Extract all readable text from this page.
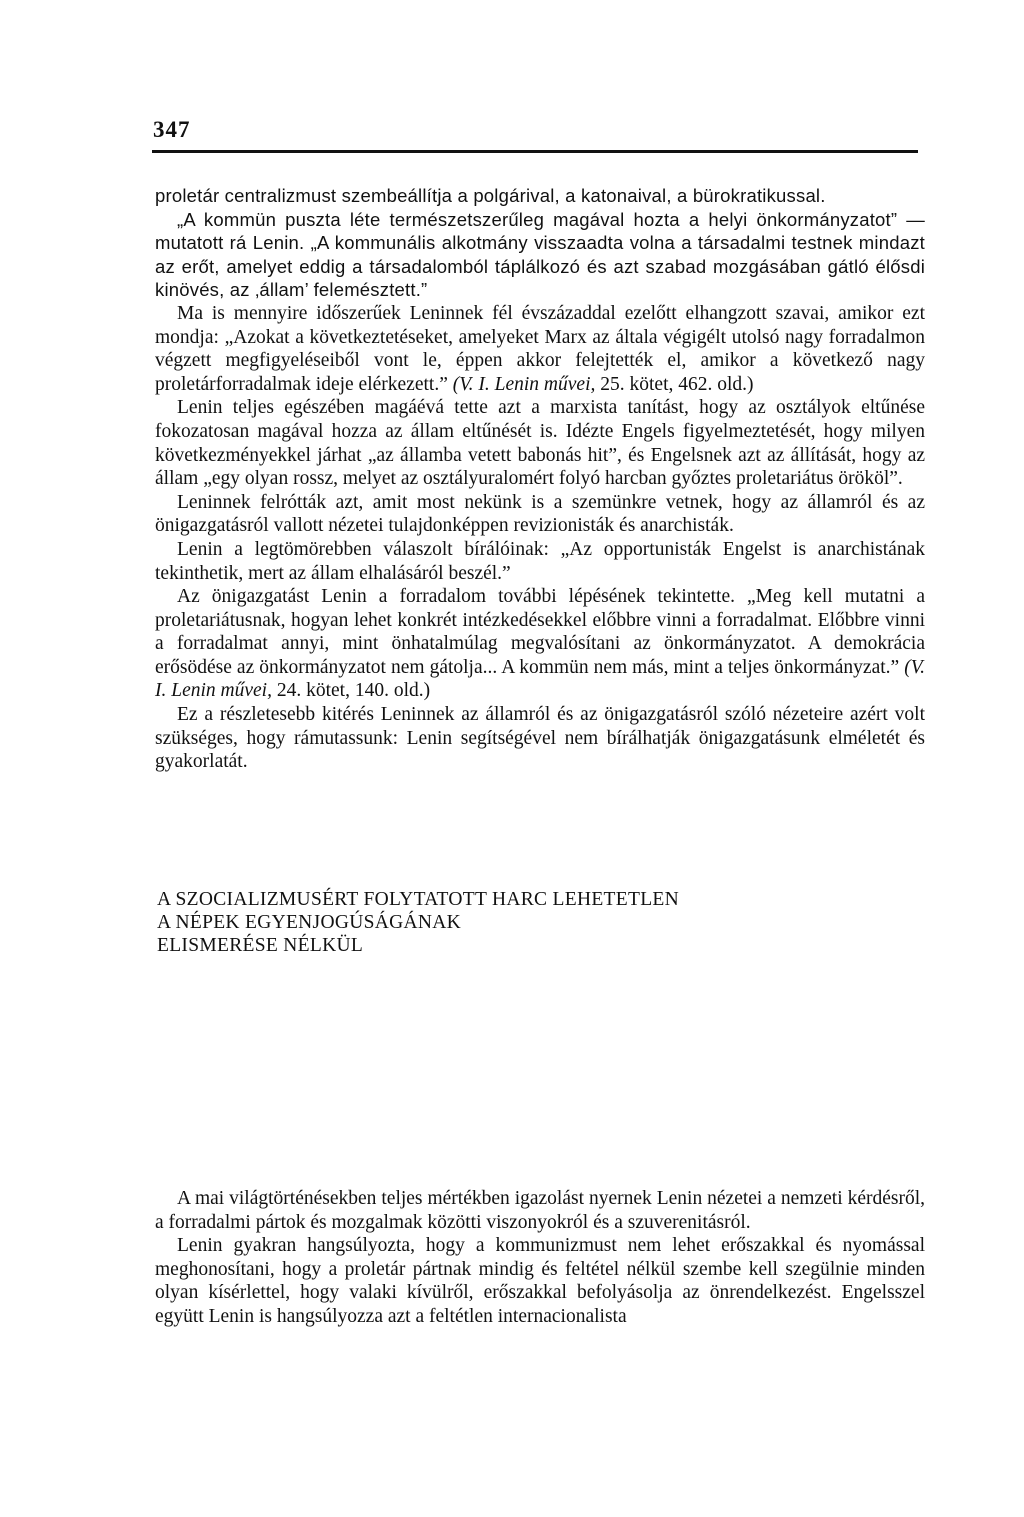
347

proletár centralizmust szembeállítja a polgárival, a katonaival, a bürokratikussal.

„A kommün puszta léte természetszerűleg magával hozta a helyi önkormányzatot” — mutatott rá Lenin. „A kommunális alkotmány visszaadta volna a társadalmi testnek mindazt az erőt, amelyet eddig a társadalomból táplálkozó és azt szabad mozgásában gátló élősdi kinövés, az ‚állam’ felemésztett.”

Ma is mennyire időszerűek Leninnek fél évszázaddal ezelőtt elhangzott szavai, amikor ezt mondja: „Azokat a következtetéseket, amelyeket Marx az általa végigélt utolsó nagy forradalmon végzett megfigyeléseiből vont le, éppen akkor felejtették el, amikor a következő nagy proletárforradalmak ideje elérkezett.” (V. I. Lenin művei, 25. kötet, 462. old.)

Lenin teljes egészében magáévá tette azt a marxista tanítást, hogy az osztályok eltűnése fokozatosan magával hozza az állam eltűnését is. Idézte Engels figyelmeztetését, hogy milyen következményekkel járhat „az államba vetett babonás hit”, és Engelsnek azt az állítását, hogy az állam „egy olyan rossz, melyet az osztályuralomért folyó harcban győztes proletariátus örököl”.

Leninnek felrótták azt, amit most nekünk is a szemünkre vetnek, hogy az államról és az önigazgatásról vallott nézetei tulajdonképpen revizionisták és anarchisták.

Lenin a legtömörebben válaszolt bírálóinak: „Az opportunisták Engelst is anarchistának tekinthetik, mert az állam elhalásáról beszél.”

Az önigazgatást Lenin a forradalom további lépésének tekintette. „Meg kell mutatni a proletariátusnak, hogyan lehet konkrét intézkedésekkel előbbre vinni a forradalmat. Előbbre vinni a forradalmat annyi, mint önhatalmúlag megvalósítani az önkormányzatot. A demokrácia erősödése az önkormányzatot nem gátolja... A kommün nem más, mint a teljes önkormányzat.” (V. I. Lenin művei, 24. kötet, 140. old.)

Ez a részletesebb kitérés Leninnek az államról és az önigazgatásról szóló nézeteire azért volt szükséges, hogy rámutassunk: Lenin segítségével nem bírálhatják önigazgatásunk elméletét és gyakorlatát.

A SZOCIALIZMUSÉRT FOLYTATOTT HARC LEHETETLEN
A NÉPEK EGYENJOGÚSÁGÁNAK
ELISMERÉSE NÉLKÜL

A mai világtörténésekben teljes mértékben igazolást nyernek Lenin nézetei a nemzeti kérdésről, a forradalmi pártok és mozgalmak közötti viszonyokról és a szuverenitásról.

Lenin gyakran hangsúlyozta, hogy a kommunizmust nem lehet erőszakkal és nyomással meghonosítani, hogy a proletár pártnak mindig és feltétel nélkül szembe kell szegülnie minden olyan kísérlettel, hogy valaki kívülről, erőszakkal befolyásolja az önrendelkezést. Engelsszel együtt Lenin is hangsúlyozza azt a feltétlen internacionalista
